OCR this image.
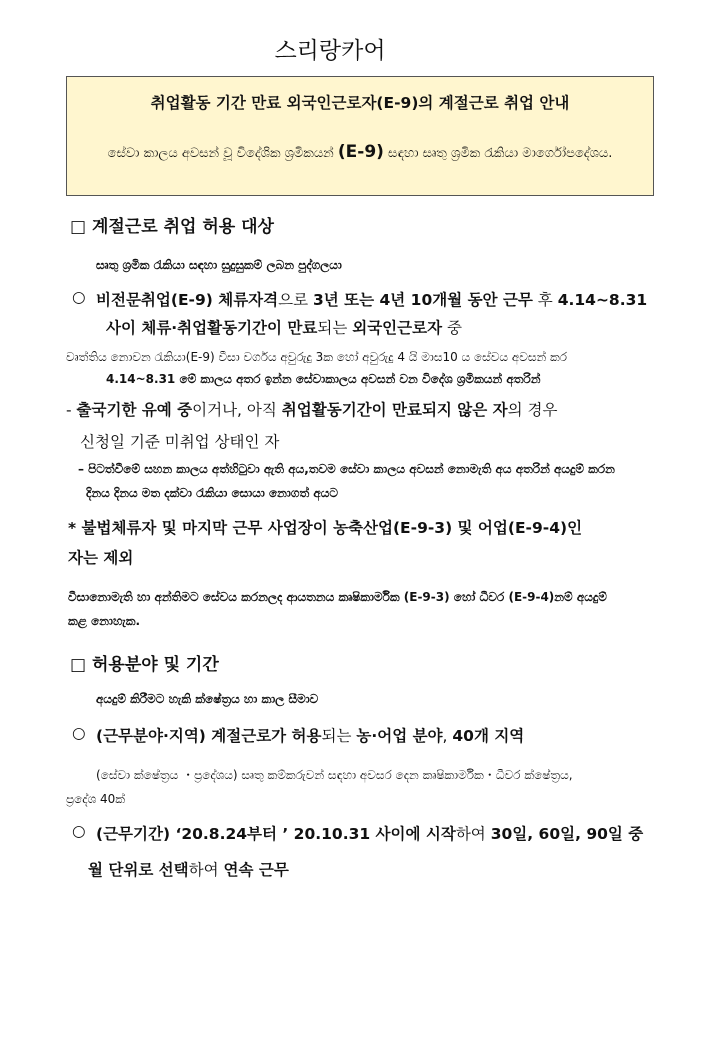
스리랑카어
취업활동 기간 만료 외국인근로자(E-9)의 계절근로 취업 안내
සේවා කාලය අවසන් වූ විදේශික ශ්‍රමිකයන් (E-9) සඳහා සෘතු ශ්‍රමික රැකියා මාර්ගෝපදේශය.
□ 계절근로 취업 허용 대상
සෘතු ශ්‍රමික රැකියා සඳහා සුදුසුකම් ලබන පුද්ගලයා
○ 비전문취업(E-9) 체류자격으로 3년 또는 4년 10개월 동안 근무 후 4.14~8.31
사이 체류·취업활동기간이 만료되는 외국인근로자 중
වෘත්තිය නොවන රැකියා(E-9) වීසා වර්ගය අවුරුදු 3ක හෝ අවුරුදු 4 යි මාස10 ය සේවය අවසන් කර
4.14~8.31 මේ කාලය අතර ඉන්න සේවාකාලය අවසන් වන විදේශ ශ්‍රමිකයන් අතරින්
- 출국기한 유예 중이거나, 아직 취업활동기간이 만료되지 않은 자의 경우
신청일 기준 미취업 상태인 자
– පිටත්වීමේ සහන කාලය අත්හිටුවා ඇති අය,තවම සේවා කාලය අවසන් නොමැති අය අතරින් අයදුම් කරන
දිනය දිනය මත දක්වා රැකියා සොයා නොගත් අයට
* 불법체류자 및 마지막 근무 사업장이 농축산업(E-9-3) 및 어업(E-9-4)인
자는 제외
වීසානොමැති හා අන්තිමට සේවය කරනලද ආයතනය කෘෂිකාර්මික (E-9-3) හෝ ධීවර (E-9-4)නම් අයදුම්
කළ නොහැක.
□ 허용분야 및 기간
අයදුම් කිරීමට හැකි ක්ෂේත්‍රය හා කාල සීමාව
○ (근무분야·지역) 계절근로가 허용되는 농·어업 분야, 40개 지역
(සේවා ක්ෂේත්‍රය ・ප්‍රදේශය) සෘතු කම්කරුවන් සඳහා අවසර දෙන කෘෂිකාර්මික・ධීවර ක්ෂේත්‍රය,
ප්‍රදේශ 40ක්
○ (근무기간) ‘20.8.24부터 ’ 20.10.31 사이에 시작하여 30일, 60일, 90일 중
월 단위로 선택하여 연속 근무
